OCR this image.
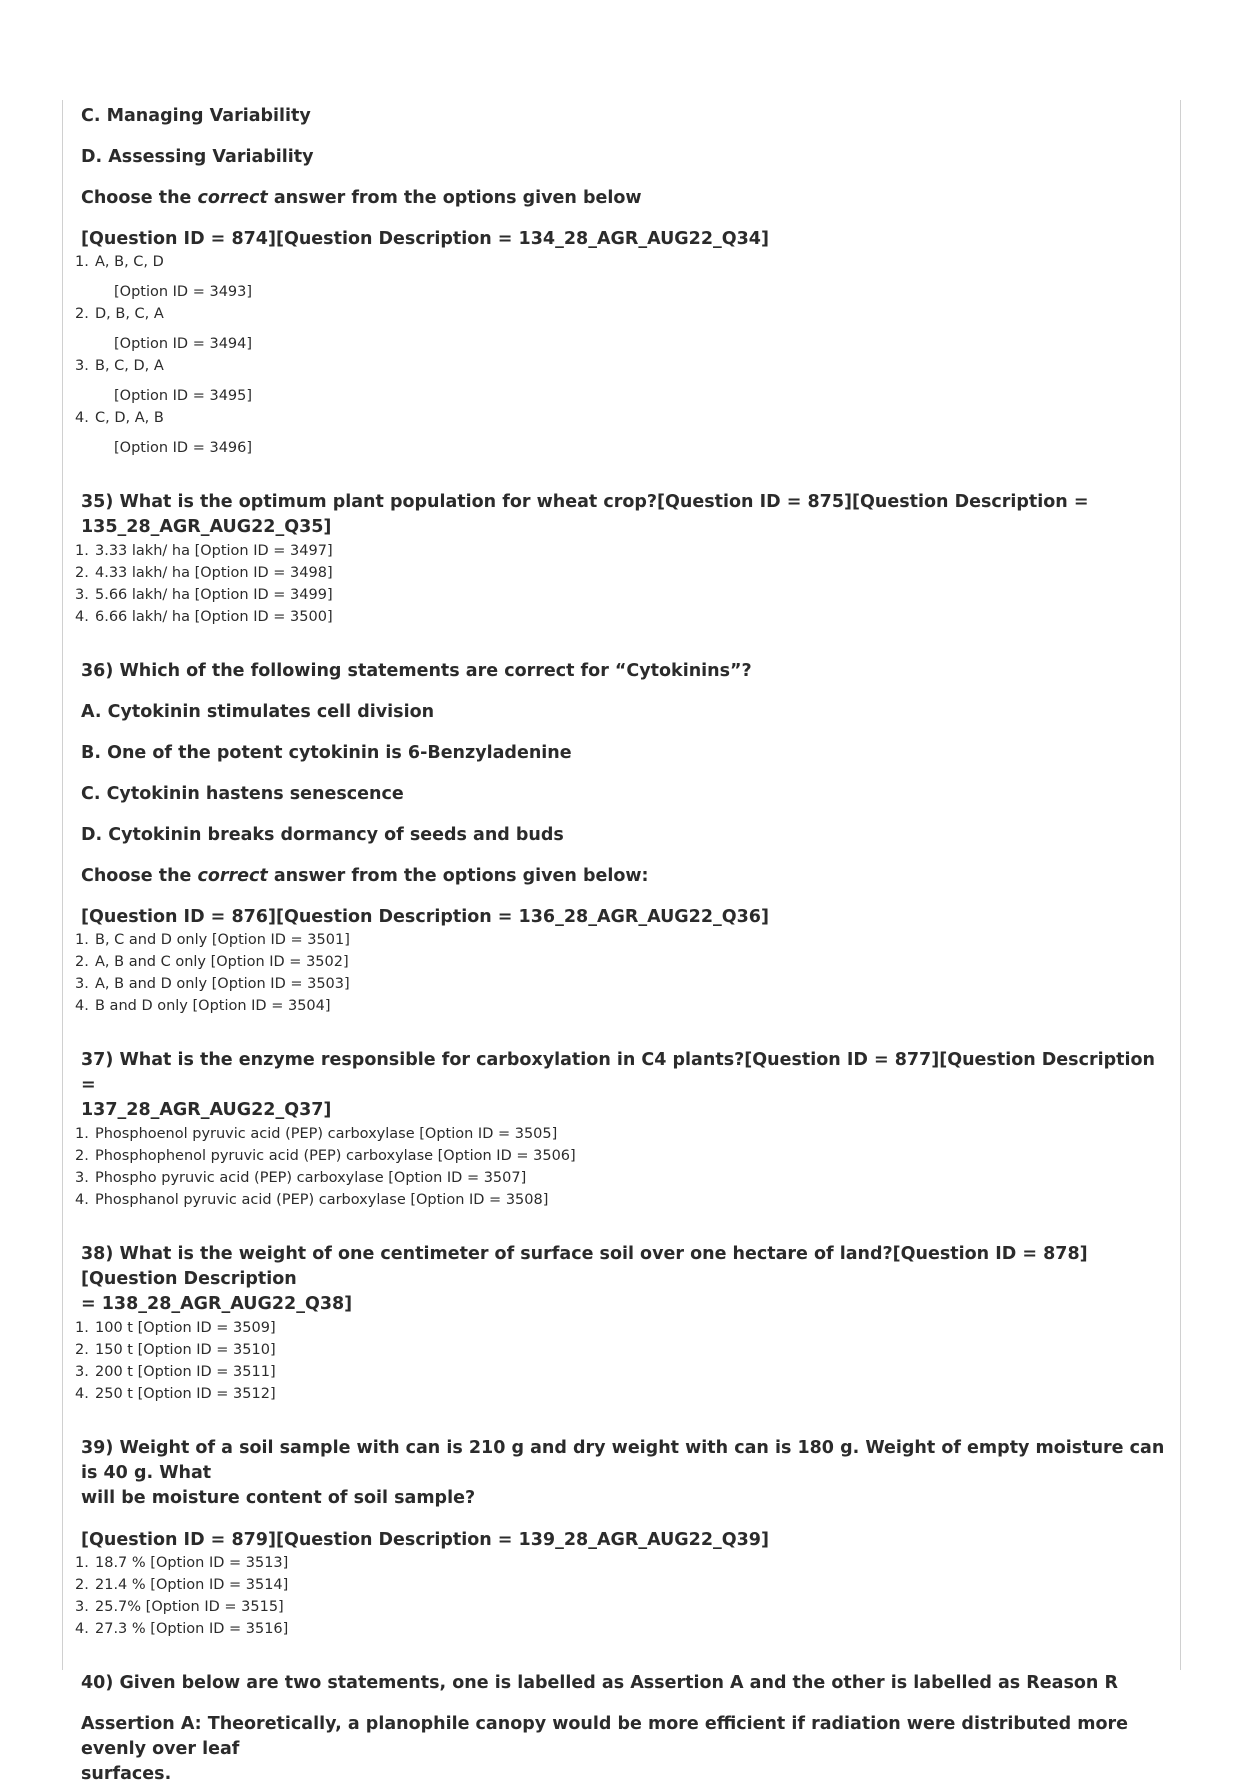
C. Managing Variability

D. Assessing Variability

Choose the correct answer from the options given below

[Question ID = 874][Question Description = 134_28_AGR_AUG22_Q34]

1. A, B, C, D
[Option ID = 3493]
2. D, B, C, A
[Option ID = 3494]
3. B, C, D, A
[Option ID = 3495]
4. C, D, A, B
[Option ID = 3496]

35) What is the optimum plant population for wheat crop?[Question ID = 875][Question Description =
135_28_AGR_AUG22_Q35]

1. 3.33 lakh/ ha [Option ID = 3497]
2. 4.33 lakh/ ha [Option ID = 3498]
3. 5.66 lakh/ ha [Option ID = 3499]
4. 6.66 lakh/ ha [Option ID = 3500]

36) Which of the following statements are correct for “Cytokinins”?

A. Cytokinin stimulates cell division

B. One of the potent cytokinin is 6-Benzyladenine

C. Cytokinin hastens senescence

D. Cytokinin breaks dormancy of seeds and buds

Choose the correct answer from the options given below:

[Question ID = 876][Question Description = 136_28_AGR_AUG22_Q36]

1. B, C and D only [Option ID = 3501]
2. A, B and C only [Option ID = 3502]
3. A, B and D only [Option ID = 3503]
4. B and D only [Option ID = 3504]

37) What is the enzyme responsible for carboxylation in C4 plants?[Question ID = 877][Question Description =
137_28_AGR_AUG22_Q37]

1. Phosphoenol pyruvic acid (PEP) carboxylase [Option ID = 3505]
2. Phosphophenol pyruvic acid (PEP) carboxylase [Option ID = 3506]
3. Phospho pyruvic acid (PEP) carboxylase [Option ID = 3507]
4. Phosphanol pyruvic acid (PEP) carboxylase [Option ID = 3508]

38) What is the weight of one centimeter of surface soil over one hectare of land?[Question ID = 878][Question Description
= 138_28_AGR_AUG22_Q38]

1. 100 t [Option ID = 3509]
2. 150 t [Option ID = 3510]
3. 200 t [Option ID = 3511]
4. 250 t [Option ID = 3512]

39) Weight of a soil sample with can is 210 g and dry weight with can is 180 g. Weight of empty moisture can is 40 g. What
will be moisture content of soil sample?

[Question ID = 879][Question Description = 139_28_AGR_AUG22_Q39]

1. 18.7 % [Option ID = 3513]
2. 21.4 % [Option ID = 3514]
3. 25.7% [Option ID = 3515]
4. 27.3 % [Option ID = 3516]

40) Given below are two statements, one is labelled as Assertion A and the other is labelled as Reason R

Assertion A: Theoretically, a planophile canopy would be more efficient if radiation were distributed more evenly over leaf
surfaces.
